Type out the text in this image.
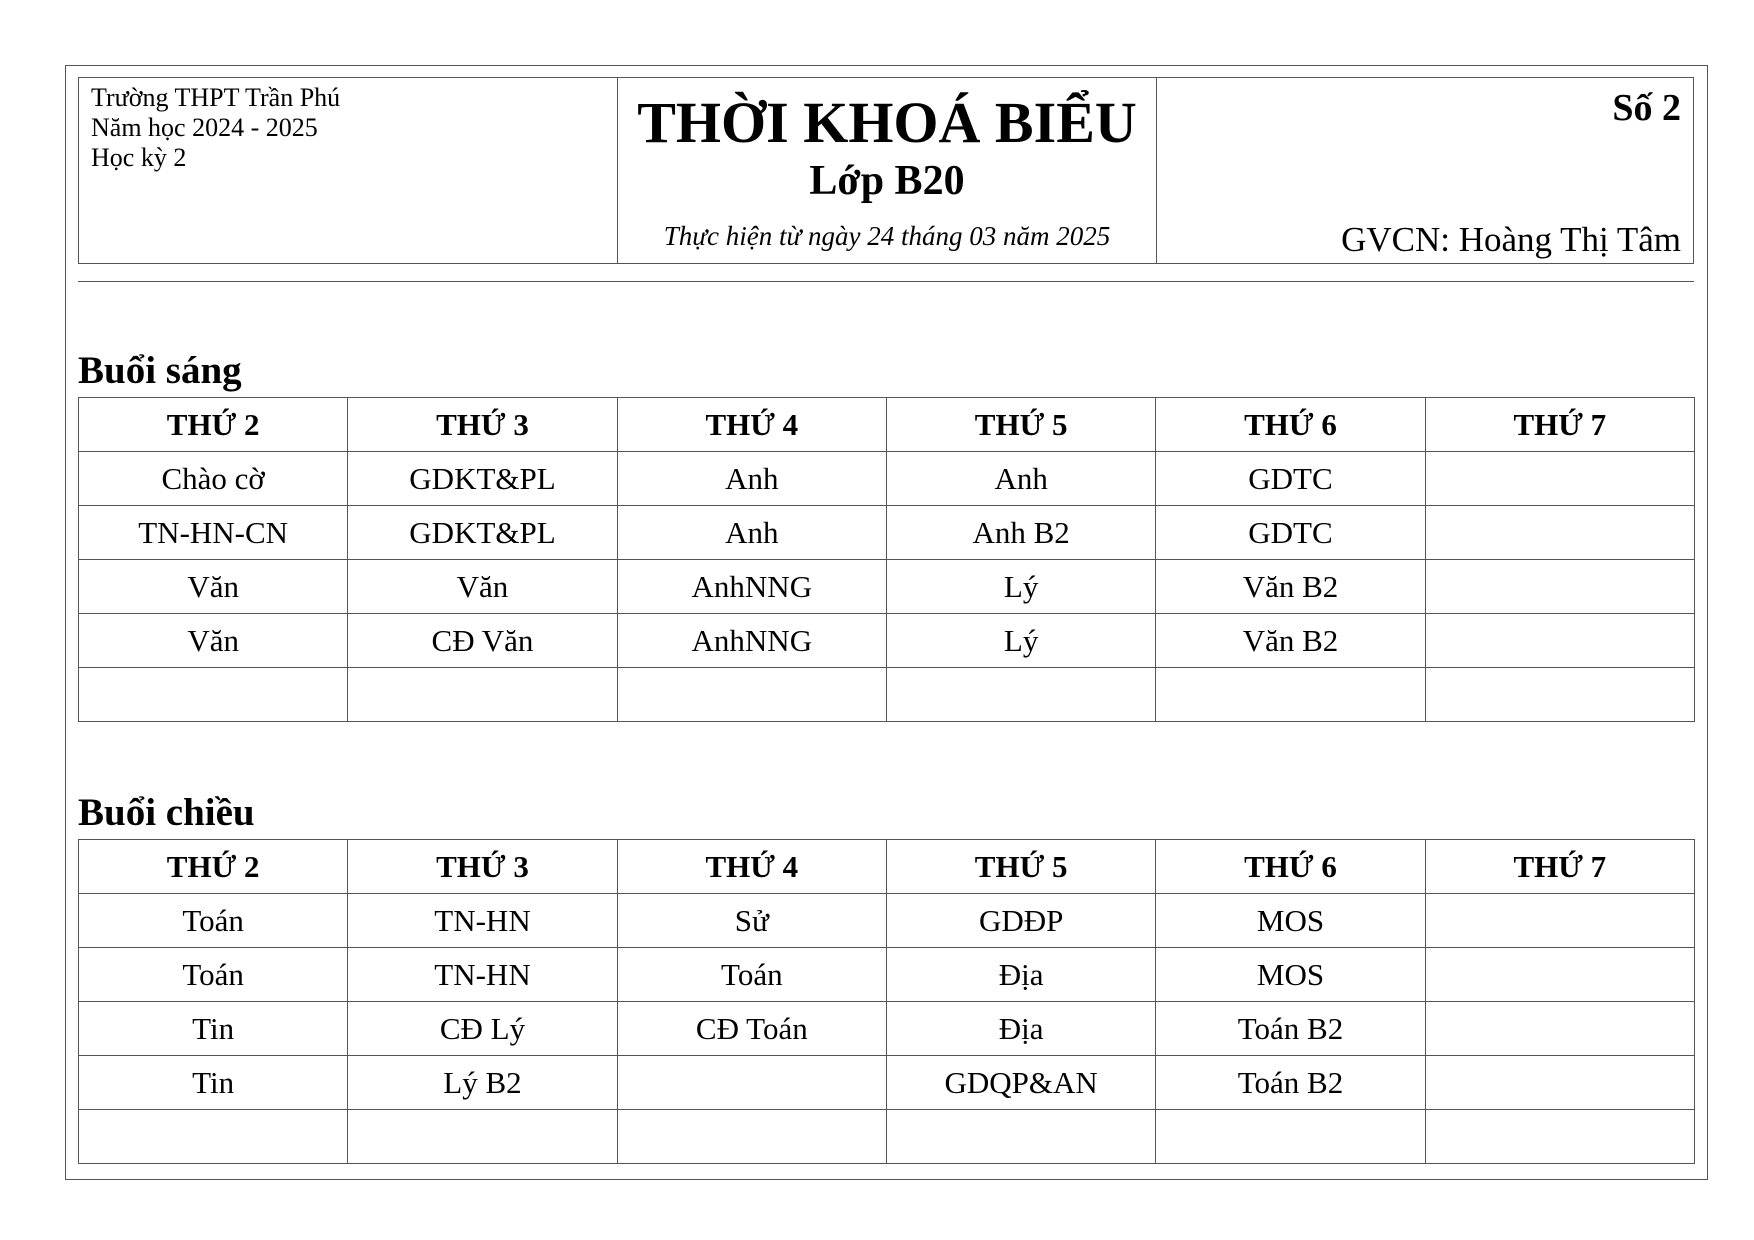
Trường THPT Trần Phú
Năm học 2024 - 2025
Học kỳ 2
THỜI KHOÁ BIỂU
Lớp B20
Thực hiện từ ngày 24 tháng 03 năm 2025
Số 2
GVCN: Hoàng Thị Tâm
Buổi sáng
THỨ 2	THỨ 3	THỨ 4	THỨ 5	THỨ 6	THỨ 7
Chào cờ	GDKT&PL	Anh	Anh	GDTC	
TN-HN-CN	GDKT&PL	Anh	Anh B2	GDTC	
Văn	Văn	AnhNNG	Lý	Văn B2	
Văn	CĐ Văn	AnhNNG	Lý	Văn B2	

Buổi chiều
THỨ 2	THỨ 3	THỨ 4	THỨ 5	THỨ 6	THỨ 7
Toán	TN-HN	Sử	GDĐP	MOS	
Toán	TN-HN	Toán	Địa	MOS	
Tin	CĐ Lý	CĐ Toán	Địa	Toán B2	
Tin	Lý B2		GDQP&AN	Toán B2	
